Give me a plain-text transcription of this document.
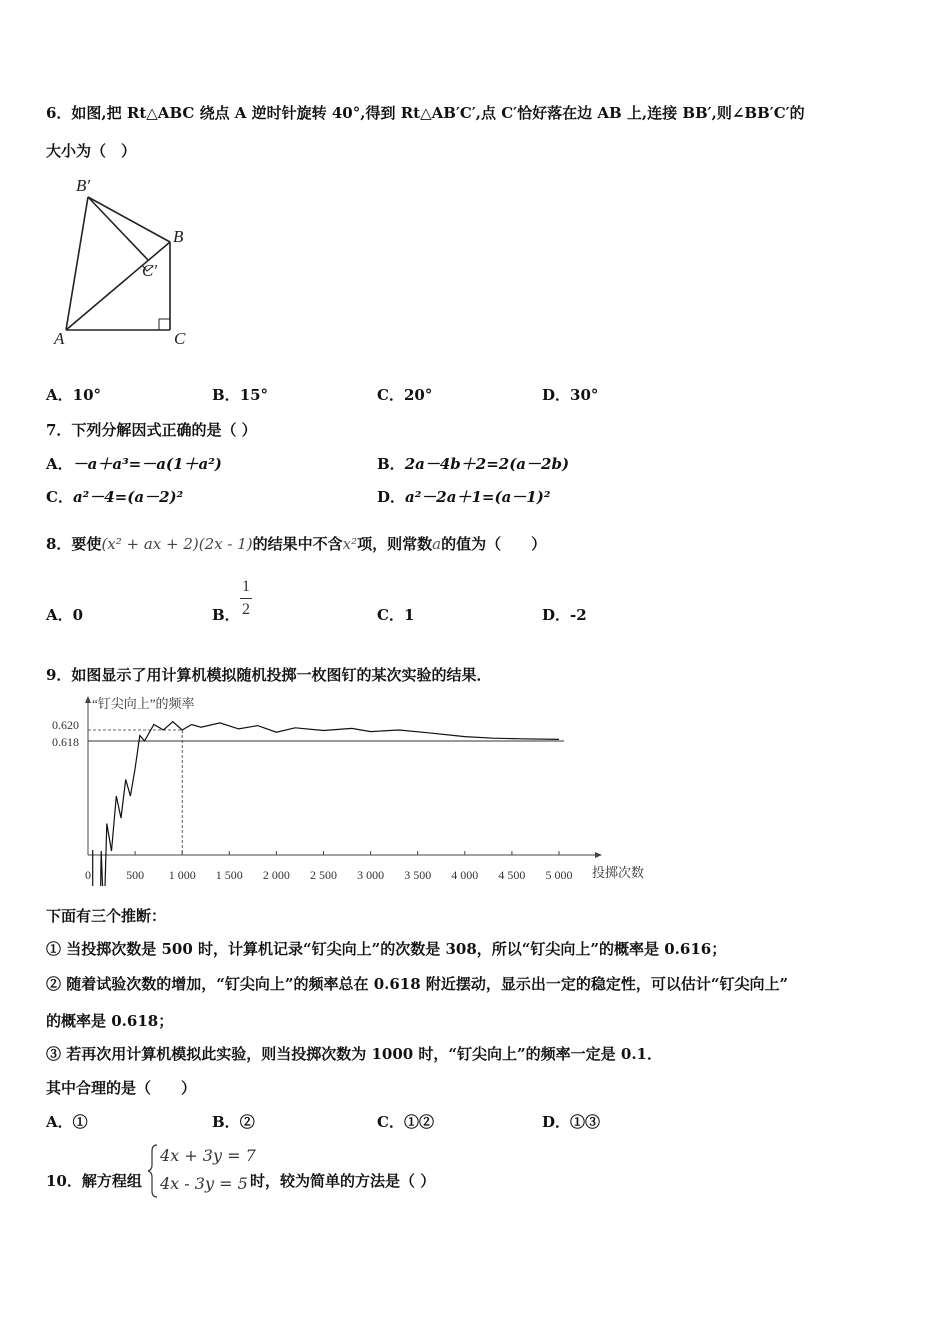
6．如图,把 Rt△ABC 绕点 A 逆时针旋转 40°,得到 Rt△AB′C′,点 C′恰好落在边 AB 上,连接 BB′,则∠BB′C′的
大小为（　）
B′
B
C′
A	C
A．10°	B．15°	C．20°	D．30°
7．下列分解因式正确的是（ ）
A．－a＋a³=－a(1＋a²)	B．2a－4b＋2=2(a－2b)
C．a²－4=(a－2)²	D．a²－2a＋1=(a－1)²
8．要使(x² + ax + 2)(2x - 1)的结果中不含x²项，则常数a的值为（　　）
A．0	B．
1
2	C．1	D．-2
9．如图显示了用计算机模拟随机投掷一枚图钉的某次实验的结果．
“钉尖向上”的频率
0	500 1 000 1 500 2 000 2 500 3 000 3 500 4 000 4 500 5 000
0.620
0.618
投掷次数
下面有三个推断：
① 当投掷次数是 500 时，计算机记录“钉尖向上”的次数是 308，所以“钉尖向上”的概率是 0.616；
② 随着试验次数的增加，“钉尖向上”的频率总在 0.618 附近摆动，显示出一定的稳定性，可以估计“钉尖向上”
的概率是 0.618；
③ 若再次用计算机模拟此实验，则当投掷次数为 1000 时，“钉尖向上”的频率一定是 0.1．
其中合理的是（　　）
A．①	B．②	C．①②	D．①③
10．解方程组
4x + 3y = 7
4x - 3y = 5 时，较为简单的方法是（ ）
